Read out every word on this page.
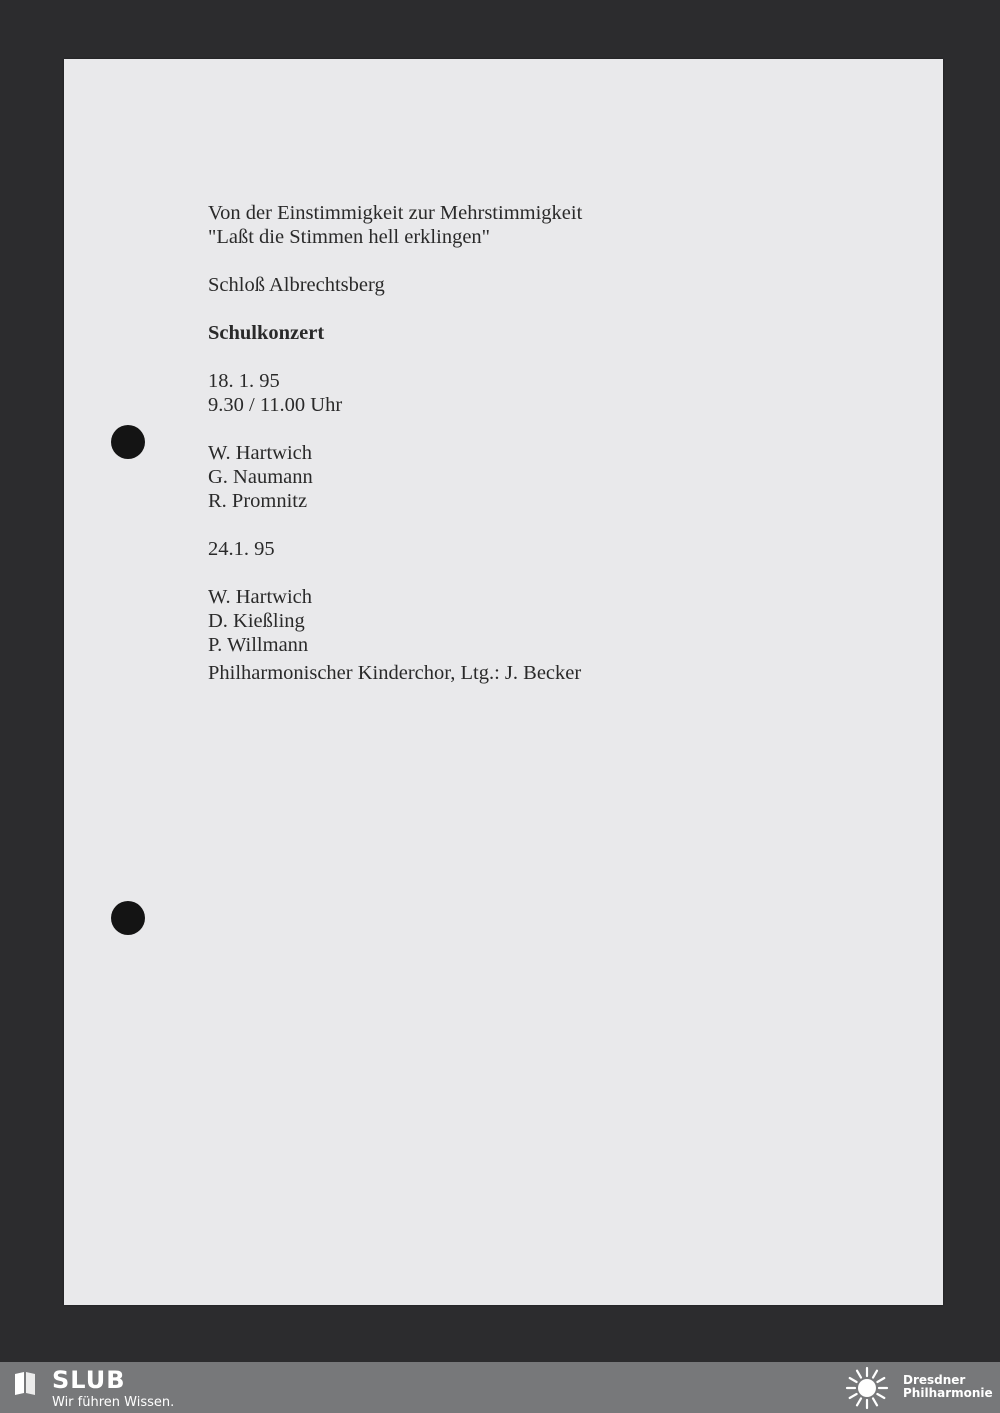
Von der Einstimmigkeit zur Mehrstimmigkeit
"Laßt die Stimmen hell erklingen"
Schloß Albrechtsberg
Schulkonzert
18. 1. 95
9.30 / 11.00 Uhr
W. Hartwich
G. Naumann
R. Promnitz
24.1. 95
W. Hartwich
D. Kießling
P. Willmann
Philharmonischer Kinderchor, Ltg.: J. Becker
SLUB
Wir führen Wissen.
Dresdner
Philharmonie
